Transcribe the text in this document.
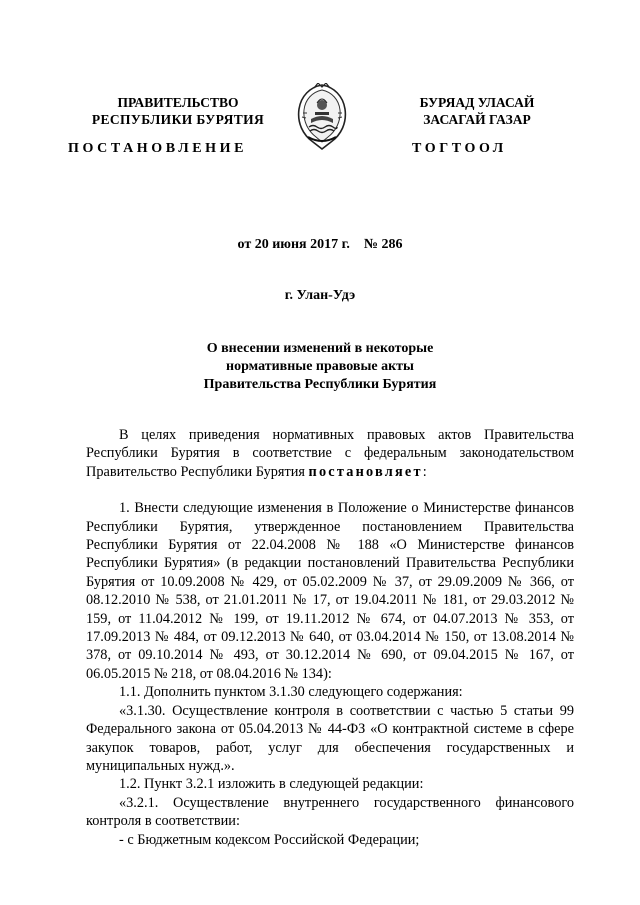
ПРАВИТЕЛЬСТВО
РЕСПУБЛИКИ БУРЯТИЯ
БУРЯАД УЛАСАЙ
ЗАСАГАЙ ГАЗАР
ПОСТАНОВЛЕНИЕ	ТОГТООЛ
от 20 июня 2017 г.    № 286
г. Улан-Удэ
О внесении изменений в некоторые
нормативные правовые акты
Правительства Республики Бурятия

В целях приведения нормативных правовых актов Правительства Республики Бурятия в соответствие с федеральным законодательством Правительство Республики Бурятия постановляет:

1. Внести следующие изменения в Положение о Министерстве финансов Республики Бурятия, утвержденное постановлением Правительства Республики Бурятия от 22.04.2008 № 188 «О Министерстве финансов Республики Бурятия» (в редакции постановлений Правительства Республики Бурятия от 10.09.2008 № 429, от 05.02.2009 № 37, от 29.09.2009 № 366, от 08.12.2010 № 538, от 21.01.2011 № 17, от 19.04.2011 № 181, от 29.03.2012 № 159, от 11.04.2012 № 199, от 19.11.2012 № 674, от 04.07.2013 № 353, от 17.09.2013 № 484, от 09.12.2013 № 640, от 03.04.2014 № 150, от 13.08.2014 № 378, от 09.10.2014 № 493, от 30.12.2014 № 690, от 09.04.2015 № 167, от 06.05.2015 № 218, от 08.04.2016 № 134):

1.1. Дополнить пунктом 3.1.30 следующего содержания:

«3.1.30. Осуществление контроля в соответствии с частью 5 статьи 99 Федерального закона от 05.04.2013 № 44-ФЗ «О контрактной системе в сфере закупок товаров, работ, услуг для обеспечения государственных и муниципальных нужд.».

1.2. Пункт 3.2.1 изложить в следующей редакции:

«3.2.1. Осуществление внутреннего государственного финансового контроля в соответствии:

- с Бюджетным кодексом Российской Федерации;
